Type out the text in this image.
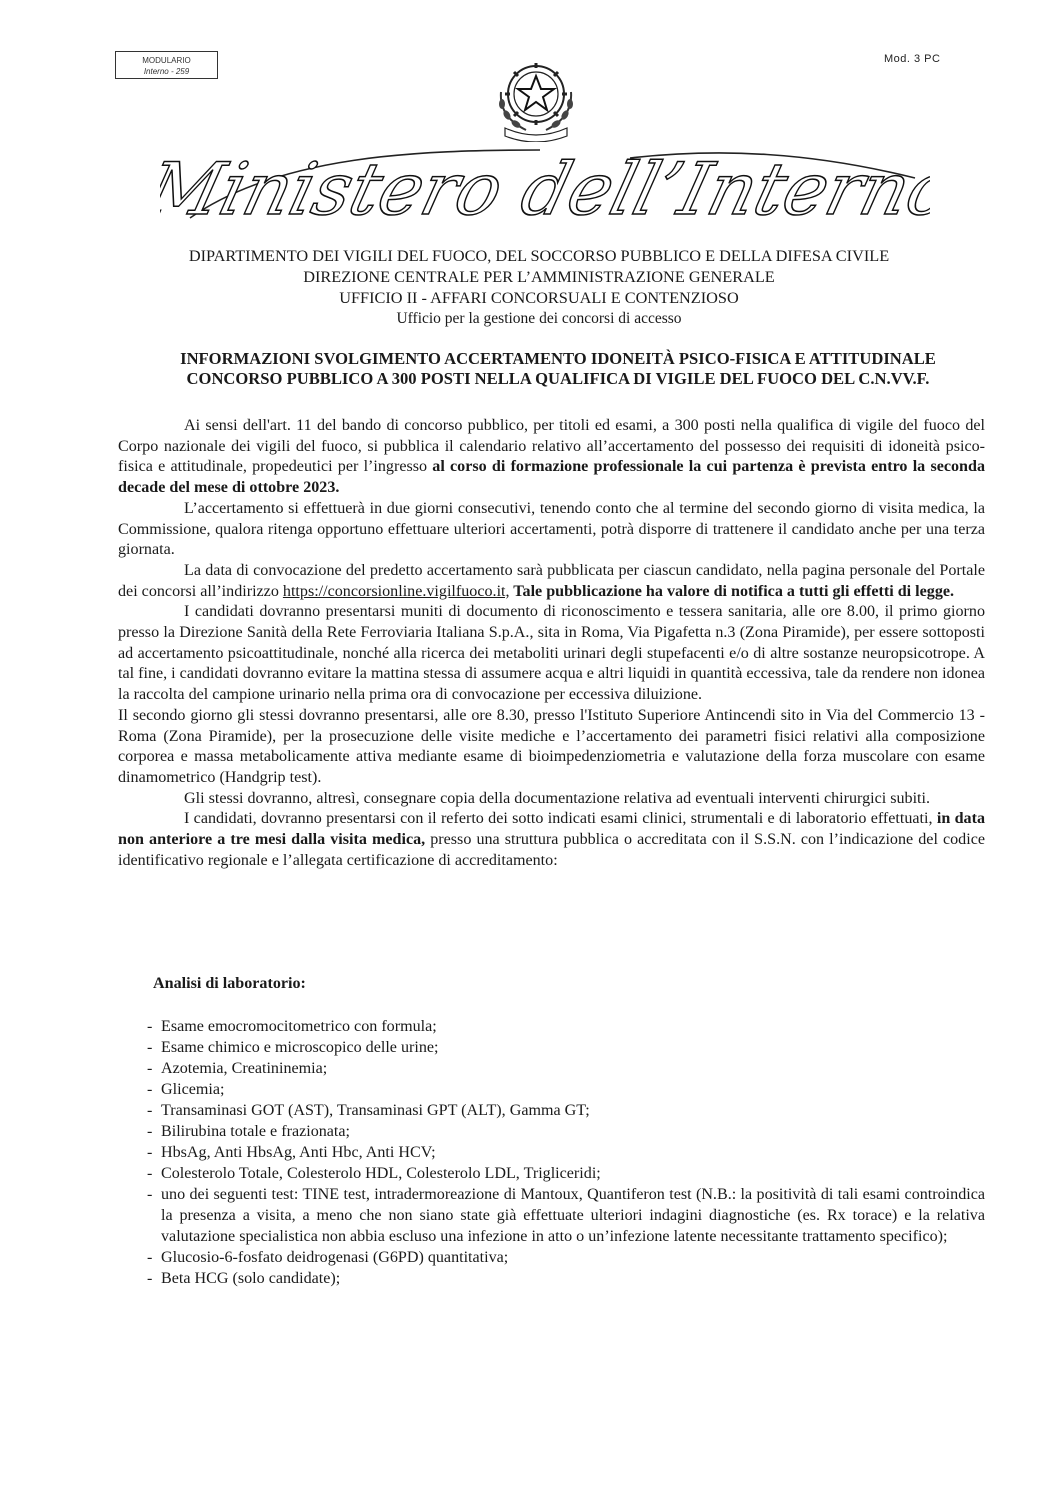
MODULARIO
Interno - 259
Mod. 3 PC
Ministero dell’Interno
DIPARTIMENTO DEI VIGILI DEL FUOCO, DEL SOCCORSO PUBBLICO E DELLA DIFESA CIVILE
DIREZIONE CENTRALE PER L’AMMINISTRAZIONE GENERALE
UFFICIO II - AFFARI CONCORSUALI E CONTENZIOSO
Ufficio per la gestione dei concorsi di accesso
INFORMAZIONI SVOLGIMENTO ACCERTAMENTO IDONEITÀ PSICO-FISICA E ATTITUDINALE
CONCORSO PUBBLICO A 300 POSTI NELLA QUALIFICA DI VIGILE DEL FUOCO DEL C.N.VV.F.

Ai sensi dell'art. 11 del bando di concorso pubblico, per titoli ed esami, a 300 posti nella qualifica di vigile del fuoco del Corpo nazionale dei vigili del fuoco, si pubblica il calendario relativo all’accertamento del possesso dei requisiti di idoneità psico-fisica e attitudinale, propedeutici per l’ingresso al corso di formazione professionale la cui partenza è prevista entro la seconda decade del mese di ottobre 2023.

L’accertamento si effettuerà in due giorni consecutivi, tenendo conto che al termine del secondo giorno di visita medica, la Commissione, qualora ritenga opportuno effettuare ulteriori accertamenti, potrà disporre di trattenere il candidato anche per una terza giornata.

La data di convocazione del predetto accertamento sarà pubblicata per ciascun candidato, nella pagina personale del Portale dei concorsi all’indirizzo https://concorsionline.vigilfuoco.it, Tale pubblicazione ha valore di notifica a tutti gli effetti di legge.

I candidati dovranno presentarsi muniti di documento di riconoscimento e tessera sanitaria, alle ore 8.00, il primo giorno presso la Direzione Sanità della Rete Ferroviaria Italiana S.p.A., sita in Roma, Via Pigafetta n.3 (Zona Piramide), per essere sottoposti ad accertamento psicoattitudinale, nonché alla ricerca dei metaboliti urinari degli stupefacenti e/o di altre sostanze neuropsicotrope. A tal fine, i candidati dovranno evitare la mattina stessa di assumere acqua e altri liquidi in quantità eccessiva, tale da rendere non idonea la raccolta del campione urinario nella prima ora di convocazione per eccessiva diluizione.

Il secondo giorno gli stessi dovranno presentarsi, alle ore 8.30, presso l'Istituto Superiore Antincendi sito in Via del Commercio 13 - Roma (Zona Piramide), per la prosecuzione delle visite mediche e l’accertamento dei parametri fisici relativi alla composizione corporea e massa metabolicamente attiva mediante esame di bioimpedenziometria e valutazione della forza muscolare con esame dinamometrico (Handgrip test).

Gli stessi dovranno, altresì, consegnare copia della documentazione relativa ad eventuali interventi chirurgici subiti.

I candidati, dovranno presentarsi con il referto dei sotto indicati esami clinici, strumentali e di laboratorio effettuati, in data non anteriore a tre mesi dalla visita medica, presso una struttura pubblica o accreditata con il S.S.N. con l’indicazione del codice identificativo regionale e l’allegata certificazione di accreditamento:

Analisi di laboratorio:
- Esame emocromocitometrico con formula;
- Esame chimico e microscopico delle urine;
- Azotemia, Creatininemia;
- Glicemia;
- Transaminasi GOT (AST), Transaminasi GPT (ALT), Gamma GT;
- Bilirubina totale e frazionata;
- HbsAg, Anti HbsAg, Anti Hbc, Anti HCV;
- Colesterolo Totale, Colesterolo HDL, Colesterolo LDL, Trigliceridi;
- uno dei seguenti test: TINE test, intradermoreazione di Mantoux, Quantiferon test (N.B.: la positività di tali esami controindica la presenza a visita, a meno che non siano state già effettuate ulteriori indagini diagnostiche (es. Rx torace) e la relativa valutazione specialistica non abbia escluso una infezione in atto o un’infezione latente necessitante trattamento specifico);
- Glucosio-6-fosfato deidrogenasi (G6PD) quantitativa;
- Beta HCG (solo candidate);
